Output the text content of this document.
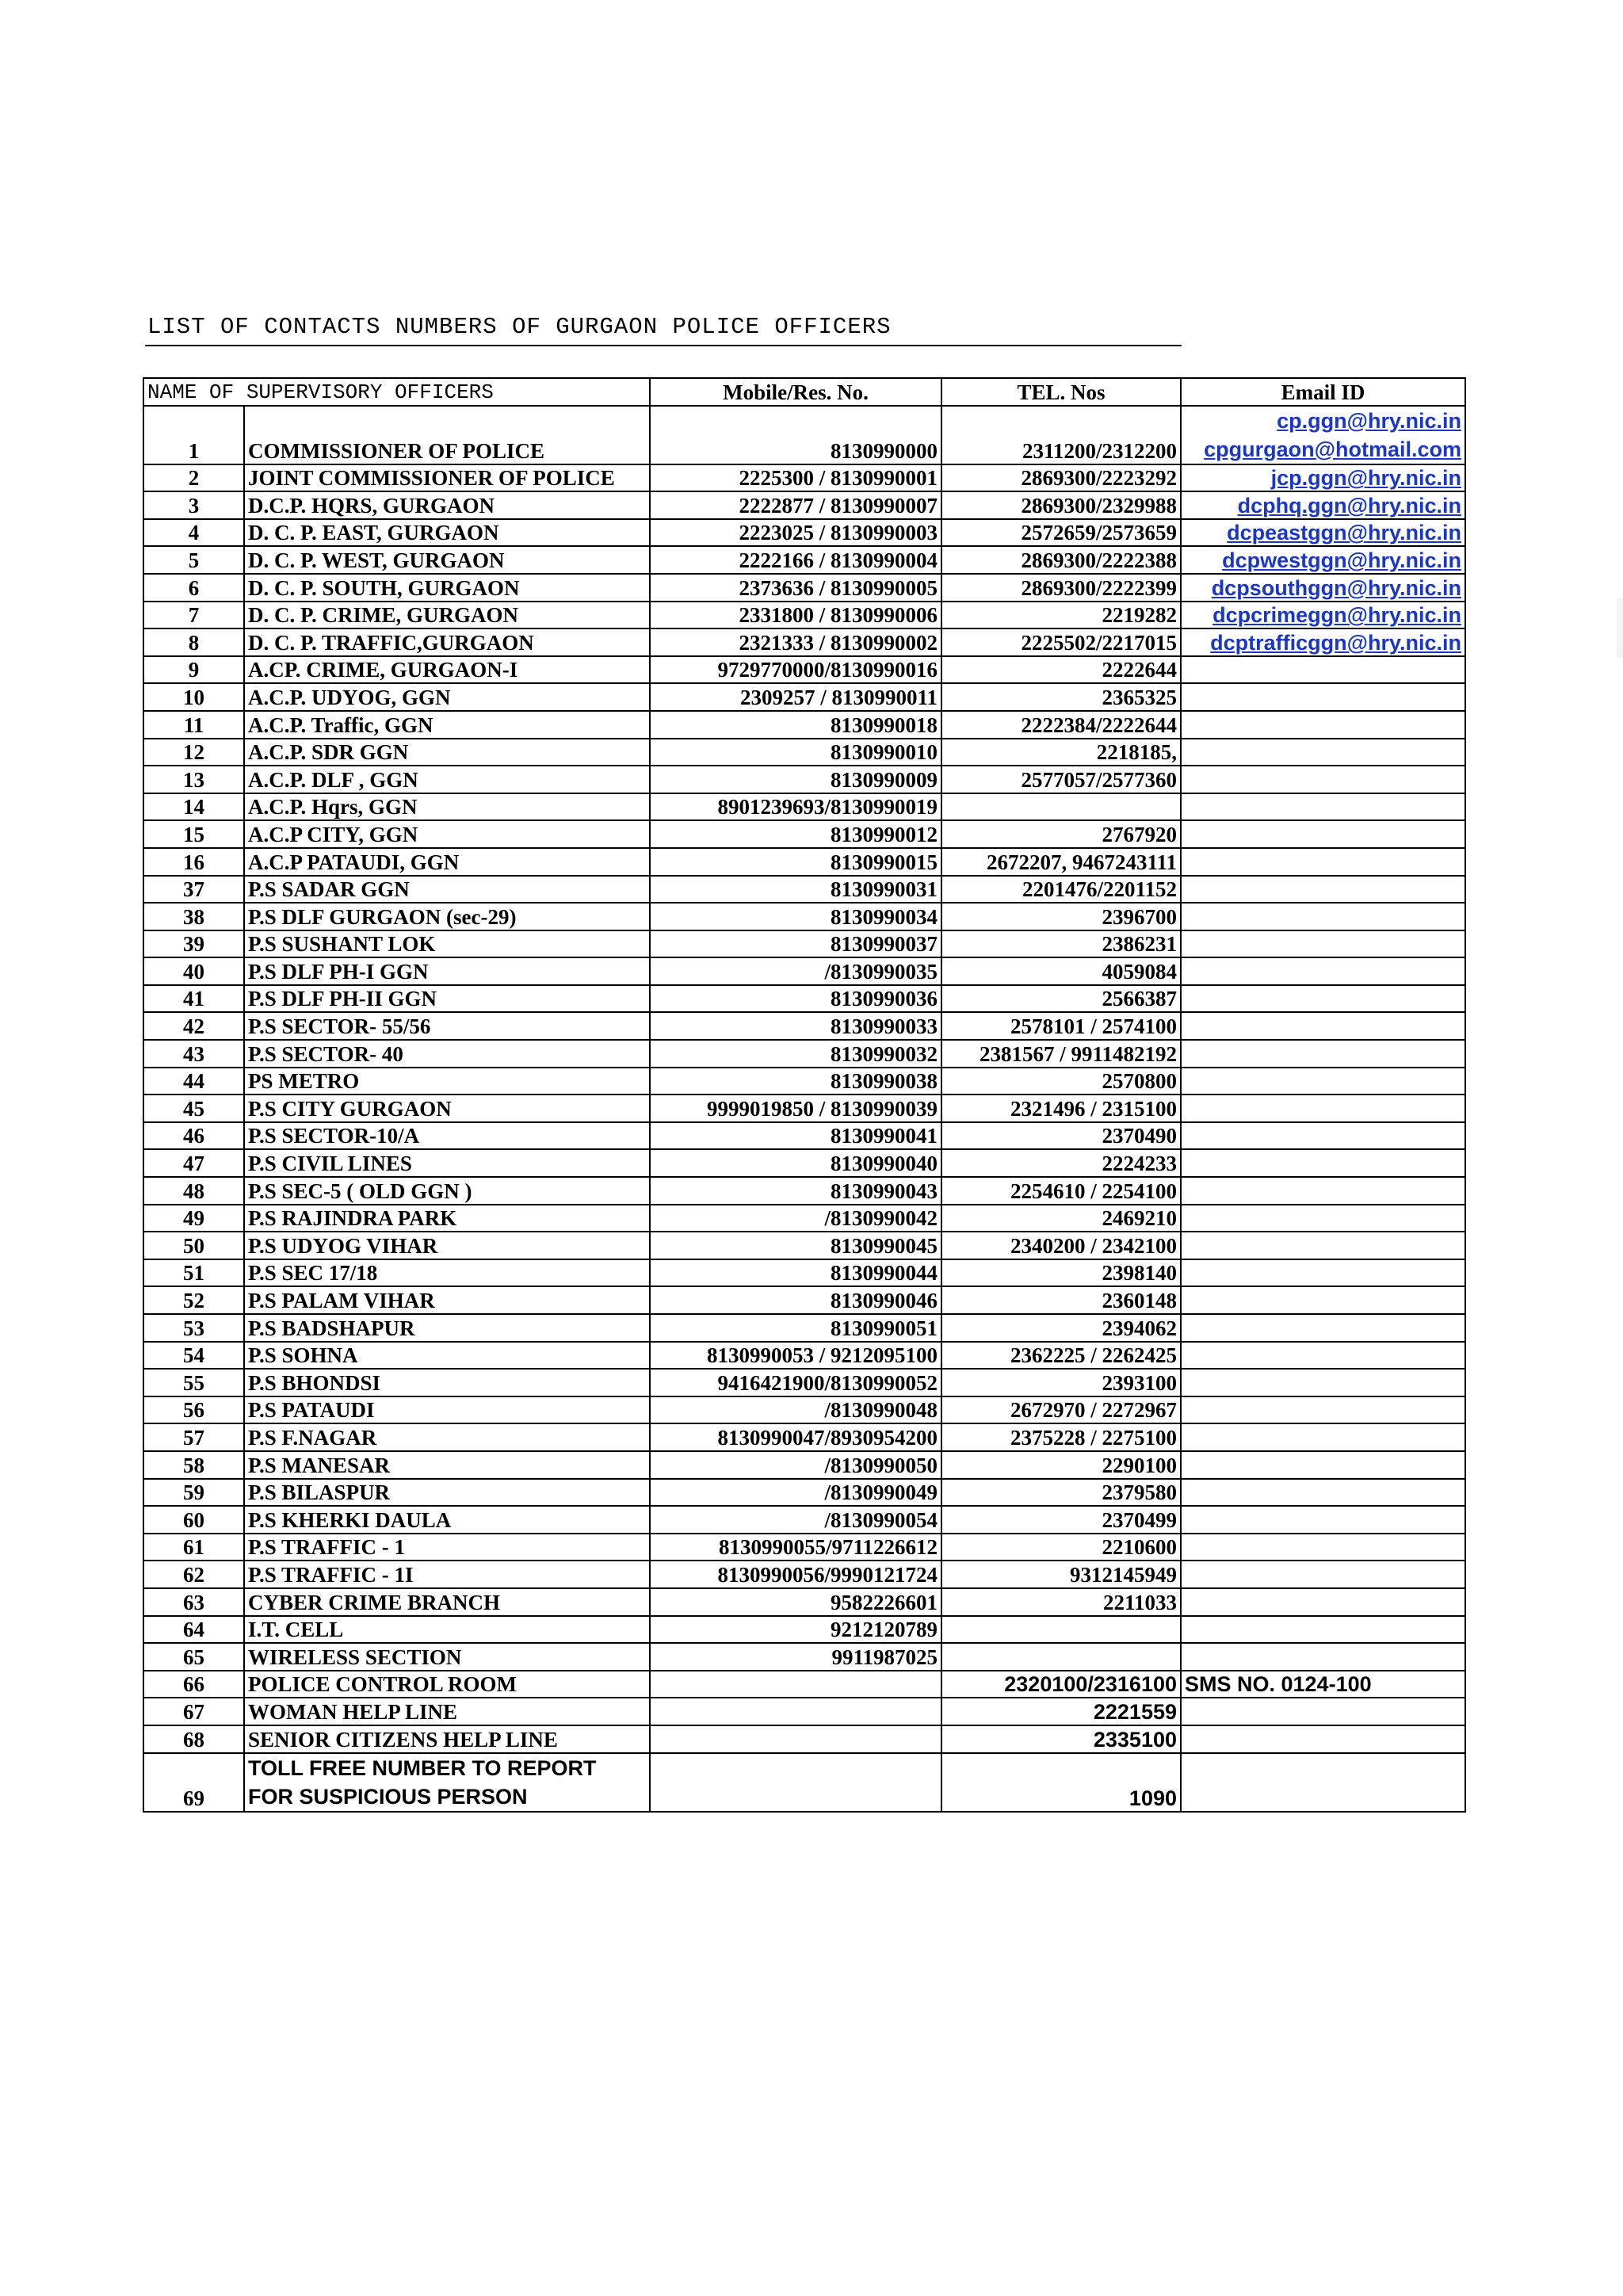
LIST OF CONTACTS NUMBERS OF GURGAON POLICE OFFICERS
NAME OF SUPERVISORY OFFICERS		Mobile/Res. No.	TEL. Nos	Email ID
1	COMMISSIONER OF POLICE	8130990000	2311200/2312200	cp.ggn@hry.nic.in
cpgurgaon@hotmail.com

2	JOINT COMMISSIONER OF POLICE	2225300 / 8130990001	2869300/2223292	jcp.ggn@hry.nic.in
3	D.C.P. HQRS, GURGAON	2222877 / 8130990007	2869300/2329988	dcphq.ggn@hry.nic.in
4	D. C. P. EAST, GURGAON	2223025 / 8130990003	2572659/2573659	dcpeastggn@hry.nic.in
5	D. C. P. WEST, GURGAON	2222166 / 8130990004	2869300/2222388	dcpwestggn@hry.nic.in
6	D. C. P. SOUTH, GURGAON	2373636 / 8130990005	2869300/2222399	dcpsouthggn@hry.nic.in
7	D. C. P. CRIME, GURGAON	2331800 / 8130990006	2219282	dcpcrimeggn@hry.nic.in
8	D. C. P. TRAFFIC,GURGAON	2321333 / 8130990002	2225502/2217015	dcptrafficggn@hry.nic.in
9	A.CP. CRIME, GURGAON-I	9729770000/8130990016	2222644	
10	A.C.P. UDYOG, GGN	2309257 / 8130990011	2365325	
11	A.C.P. Traffic, GGN	8130990018	2222384/2222644	
12	A.C.P. SDR GGN	8130990010	2218185,	
13	A.C.P. DLF , GGN	8130990009	2577057/2577360	
14	A.C.P. Hqrs, GGN	8901239693/8130990019		
15	A.C.P CITY, GGN	8130990012	2767920	
16	A.C.P PATAUDI, GGN	8130990015	2672207, 9467243111	
37	P.S SADAR GGN	8130990031	2201476/2201152	
38	P.S DLF GURGAON (sec-29)	8130990034	2396700	
39	P.S SUSHANT LOK	8130990037	2386231	
40	P.S DLF PH-I GGN	/8130990035	4059084	
41	P.S DLF PH-II GGN	8130990036	2566387	
42	P.S SECTOR- 55/56	8130990033	2578101 / 2574100	
43	P.S SECTOR- 40	8130990032	2381567 / 9911482192	
44	PS METRO	8130990038	2570800	
45	P.S CITY GURGAON	9999019850 / 8130990039	2321496 / 2315100	
46	P.S SECTOR-10/A	8130990041	2370490	
47	P.S CIVIL LINES	8130990040	2224233	
48	P.S SEC-5 ( OLD GGN )	8130990043	2254610 / 2254100	
49	P.S RAJINDRA PARK	/8130990042	2469210	
50	P.S UDYOG VIHAR	8130990045	2340200 / 2342100	
51	P.S SEC 17/18	8130990044	2398140	
52	P.S PALAM VIHAR	8130990046	2360148	
53	P.S BADSHAPUR	8130990051	2394062	
54	P.S SOHNA	8130990053 / 9212095100	2362225 / 2262425	
55	P.S BHONDSI	9416421900/8130990052	2393100	
56	P.S PATAUDI	/8130990048	2672970 / 2272967	
57	P.S F.NAGAR	8130990047/8930954200	2375228 / 2275100	
58	P.S MANESAR	/8130990050	2290100	
59	P.S BILASPUR	/8130990049	2379580	
60	P.S KHERKI DAULA	/8130990054	2370499	
61	P.S TRAFFIC - 1	8130990055/9711226612	2210600	
62	P.S TRAFFIC - 1I	8130990056/9990121724	9312145949	
63	CYBER CRIME BRANCH	9582226601	2211033	
64	I.T. CELL	9212120789		
65	WIRELESS SECTION	9911987025		
66	POLICE CONTROL ROOM		2320100/2316100	SMS NO. 0124-100
67	WOMAN HELP LINE		2221559	
68	SENIOR CITIZENS HELP LINE		2335100	
69	TOLL FREE NUMBER TO REPORT
FOR SUSPICIOUS PERSON		1090	
